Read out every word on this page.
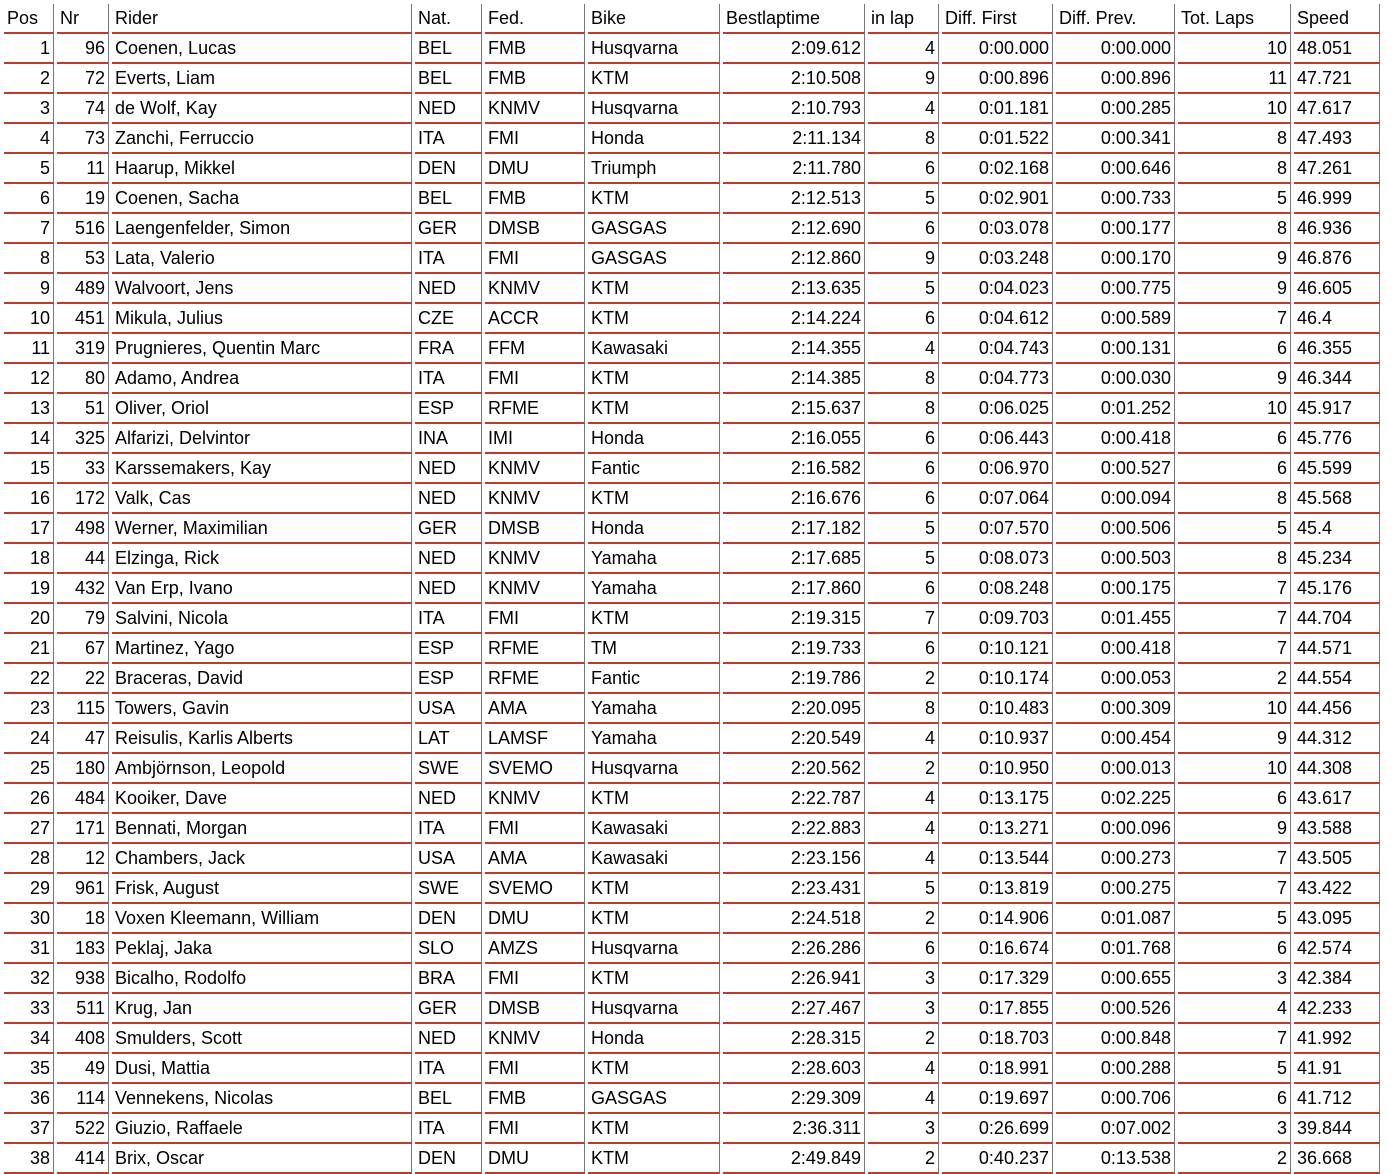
Pos	Nr	Rider	Nat.	Fed.	Bike	Bestlaptime	in lap	Diff. First	Diff. Prev.	Tot. Laps	Speed
1	96	Coenen, Lucas	BEL	FMB	Husqvarna	2:09.612	4	0:00.000	0:00.000	10	48.051
2	72	Everts, Liam	BEL	FMB	KTM	2:10.508	9	0:00.896	0:00.896	11	47.721
3	74	de Wolf, Kay	NED	KNMV	Husqvarna	2:10.793	4	0:01.181	0:00.285	10	47.617
4	73	Zanchi, Ferruccio	ITA	FMI	Honda	2:11.134	8	0:01.522	0:00.341	8	47.493
5	11	Haarup, Mikkel	DEN	DMU	Triumph	2:11.780	6	0:02.168	0:00.646	8	47.261
6	19	Coenen, Sacha	BEL	FMB	KTM	2:12.513	5	0:02.901	0:00.733	5	46.999
7	516	Laengenfelder, Simon	GER	DMSB	GASGAS	2:12.690	6	0:03.078	0:00.177	8	46.936
8	53	Lata, Valerio	ITA	FMI	GASGAS	2:12.860	9	0:03.248	0:00.170	9	46.876
9	489	Walvoort, Jens	NED	KNMV	KTM	2:13.635	5	0:04.023	0:00.775	9	46.605
10	451	Mikula, Julius	CZE	ACCR	KTM	2:14.224	6	0:04.612	0:00.589	7	46.4
11	319	Prugnieres, Quentin Marc	FRA	FFM	Kawasaki	2:14.355	4	0:04.743	0:00.131	6	46.355
12	80	Adamo, Andrea	ITA	FMI	KTM	2:14.385	8	0:04.773	0:00.030	9	46.344
13	51	Oliver, Oriol	ESP	RFME	KTM	2:15.637	8	0:06.025	0:01.252	10	45.917
14	325	Alfarizi, Delvintor	INA	IMI	Honda	2:16.055	6	0:06.443	0:00.418	6	45.776
15	33	Karssemakers, Kay	NED	KNMV	Fantic	2:16.582	6	0:06.970	0:00.527	6	45.599
16	172	Valk, Cas	NED	KNMV	KTM	2:16.676	6	0:07.064	0:00.094	8	45.568
17	498	Werner, Maximilian	GER	DMSB	Honda	2:17.182	5	0:07.570	0:00.506	5	45.4
18	44	Elzinga, Rick	NED	KNMV	Yamaha	2:17.685	5	0:08.073	0:00.503	8	45.234
19	432	Van Erp, Ivano	NED	KNMV	Yamaha	2:17.860	6	0:08.248	0:00.175	7	45.176
20	79	Salvini, Nicola	ITA	FMI	KTM	2:19.315	7	0:09.703	0:01.455	7	44.704
21	67	Martinez, Yago	ESP	RFME	TM	2:19.733	6	0:10.121	0:00.418	7	44.571
22	22	Braceras, David	ESP	RFME	Fantic	2:19.786	2	0:10.174	0:00.053	2	44.554
23	115	Towers, Gavin	USA	AMA	Yamaha	2:20.095	8	0:10.483	0:00.309	10	44.456
24	47	Reisulis, Karlis Alberts	LAT	LAMSF	Yamaha	2:20.549	4	0:10.937	0:00.454	9	44.312
25	180	Ambjörnson, Leopold	SWE	SVEMO	Husqvarna	2:20.562	2	0:10.950	0:00.013	10	44.308
26	484	Kooiker, Dave	NED	KNMV	KTM	2:22.787	4	0:13.175	0:02.225	6	43.617
27	171	Bennati, Morgan	ITA	FMI	Kawasaki	2:22.883	4	0:13.271	0:00.096	9	43.588
28	12	Chambers, Jack	USA	AMA	Kawasaki	2:23.156	4	0:13.544	0:00.273	7	43.505
29	961	Frisk, August	SWE	SVEMO	KTM	2:23.431	5	0:13.819	0:00.275	7	43.422
30	18	Voxen Kleemann, William	DEN	DMU	KTM	2:24.518	2	0:14.906	0:01.087	5	43.095
31	183	Peklaj, Jaka	SLO	AMZS	Husqvarna	2:26.286	6	0:16.674	0:01.768	6	42.574
32	938	Bicalho, Rodolfo	BRA	FMI	KTM	2:26.941	3	0:17.329	0:00.655	3	42.384
33	511	Krug, Jan	GER	DMSB	Husqvarna	2:27.467	3	0:17.855	0:00.526	4	42.233
34	408	Smulders, Scott	NED	KNMV	Honda	2:28.315	2	0:18.703	0:00.848	7	41.992
35	49	Dusi, Mattia	ITA	FMI	KTM	2:28.603	4	0:18.991	0:00.288	5	41.91
36	114	Vennekens, Nicolas	BEL	FMB	GASGAS	2:29.309	4	0:19.697	0:00.706	6	41.712
37	522	Giuzio, Raffaele	ITA	FMI	KTM	2:36.311	3	0:26.699	0:07.002	3	39.844
38	414	Brix, Oscar	DEN	DMU	KTM	2:49.849	2	0:40.237	0:13.538	2	36.668
